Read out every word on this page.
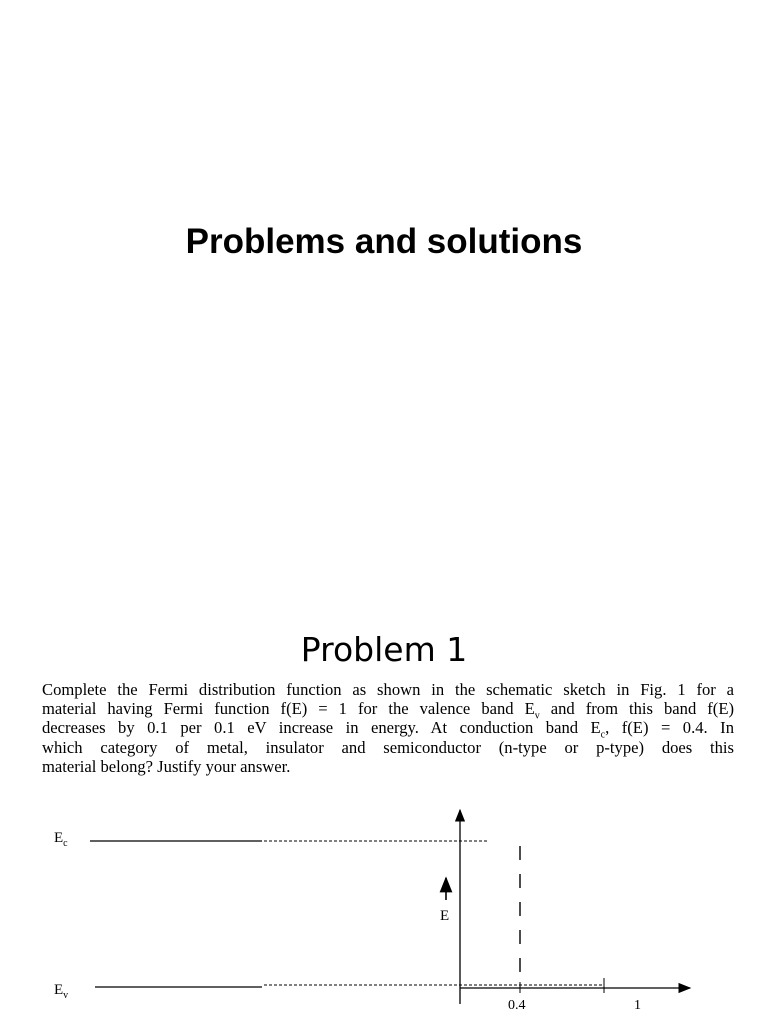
Problems and solutions
Problem 1
Complete the Fermi distribution function as shown in the schematic sketch in Fig. 1 for a
material having Fermi function f(E) = 1 for the valence band $E_v$ and from this band f(E)
decreases by 0.1 per 0.1 eV increase in energy. At conduction band $E_c$, f(E) = 0.4. In
which category of metal, insulator and semiconductor (n-type or p-type) does this
material belong? Justify your answer.
$E_c$
$E_v$
E
0.4	1
